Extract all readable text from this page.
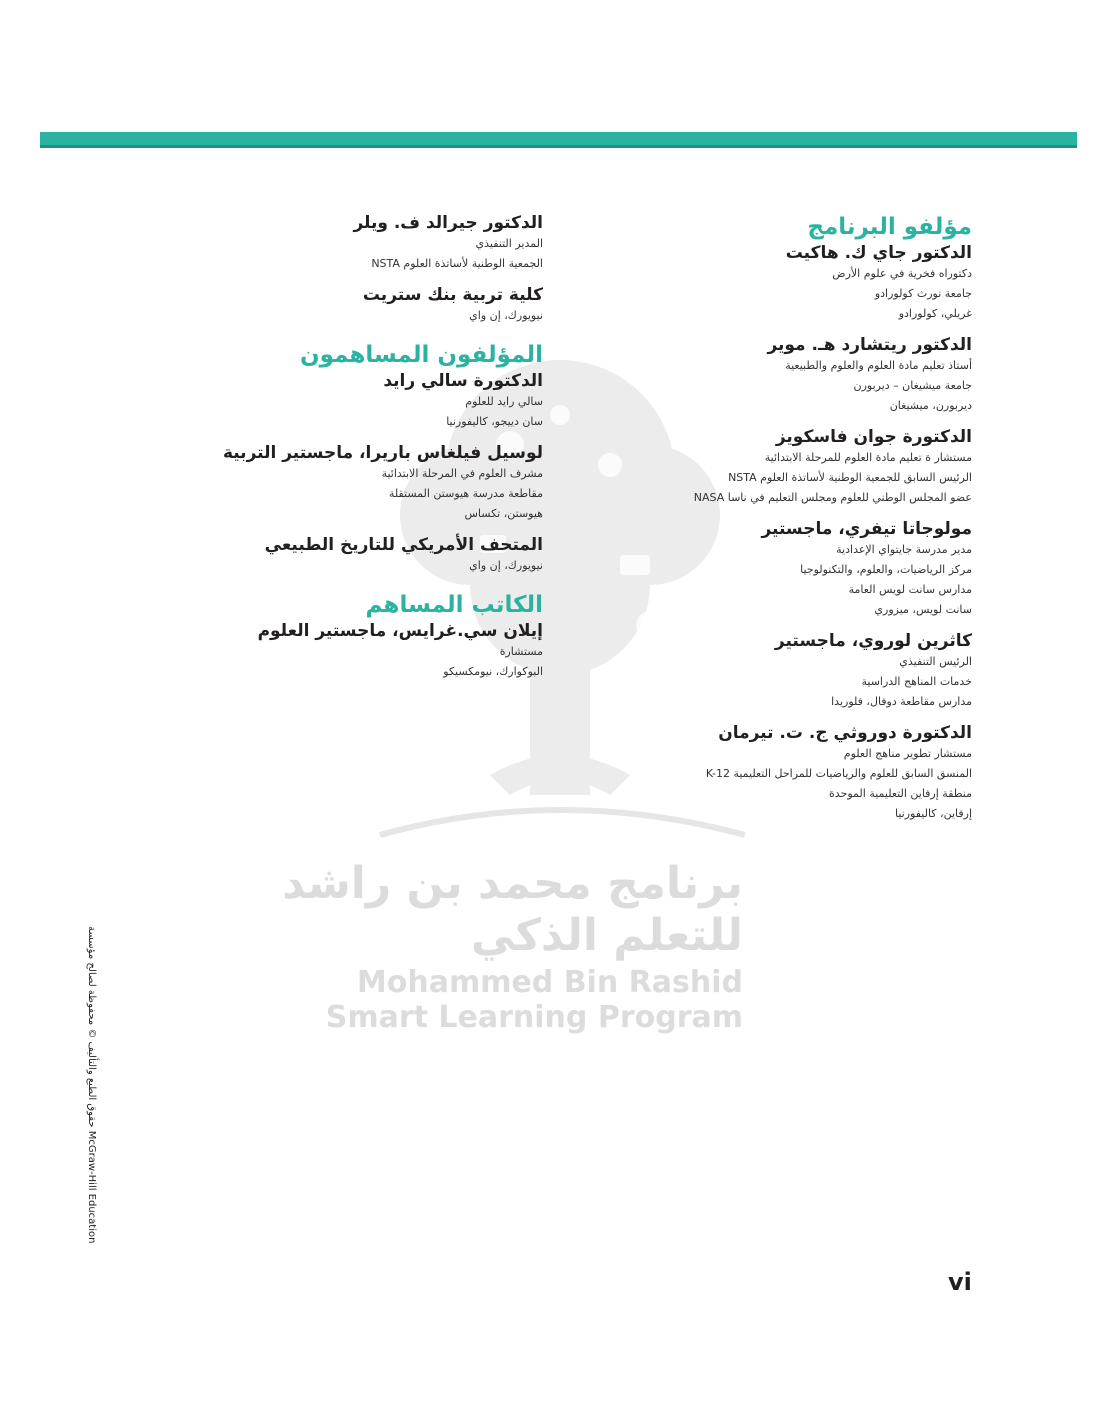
برنامج محمد بن راشد
للتعلم الذكي
Mohammed Bin Rashid
Smart Learning Program

مؤلفو البرنامج

الدكتور جاي ك. هاكيت

دكتوراه فخرية في علوم الأرض

جامعة نورث كولورادو

غريلي، كولورادو

الدكتور ريتشارد هـ. موير

أستاذ تعليم مادة العلوم والعلوم والطبيعية

جامعة ميشيغان – ديربورن

ديربورن، ميشيغان

الدكتورة جوان فاسكويز

مستشار ة تعليم مادة العلوم للمرحلة الابتدائية

الرئيس السابق للجمعية الوطنية لأساتذة العلوم NSTA

عضو المجلس الوطني للعلوم ومجلس التعليم في ناسا NASA

مولوجاتا تيفري، ماجستير

مدير مدرسة جايتواي الإعدادية

مركز الرياضيات، والعلوم، والتكنولوجيا

مدارس سانت لويس العامة

سانت لويس، ميزوري

كاثرين لوروي، ماجستير

الرئيس التنفيذي

خدمات المناهج الدراسية

مدارس مقاطعة دوفال، فلوريدا

الدكتورة دوروثي ج. ت. تيرمان

مستشار تطوير مناهج العلوم

المنسق السابق للعلوم والرياضيات للمراحل التعليمية K-12

منطقة إرفاين التعليمية الموحدة

إرفاين، كاليفورنيا

الدكتور جيرالد ف. ويلر

المدير التنفيذي

الجمعية الوطنية لأساتذة العلوم NSTA

كلية تربية بنك ستريت

نيويورك، إن واي

المؤلفون المساهمون

الدكتورة سالي رايد

سالي رايد للعلوم

سان دييجو، كاليفورنيا

لوسيل فيلغاس باريرا، ماجستير التربية

مشرف العلوم في المرحلة الابتدائية

مقاطعة مدرسة هيوستن المستقلة

هيوستن، تكساس

المتحف الأمريكي للتاريخ الطبيعي

نيويورك، إن واي

الكاتب المساهم

إيلان سي.غرايس، ماجستير العلوم

مستشارة

البوكوارك، نيومكسيكو

حقوق الطبع والتأليف © محفوظة لصالح مؤسسة McGraw-Hill Education
vi
